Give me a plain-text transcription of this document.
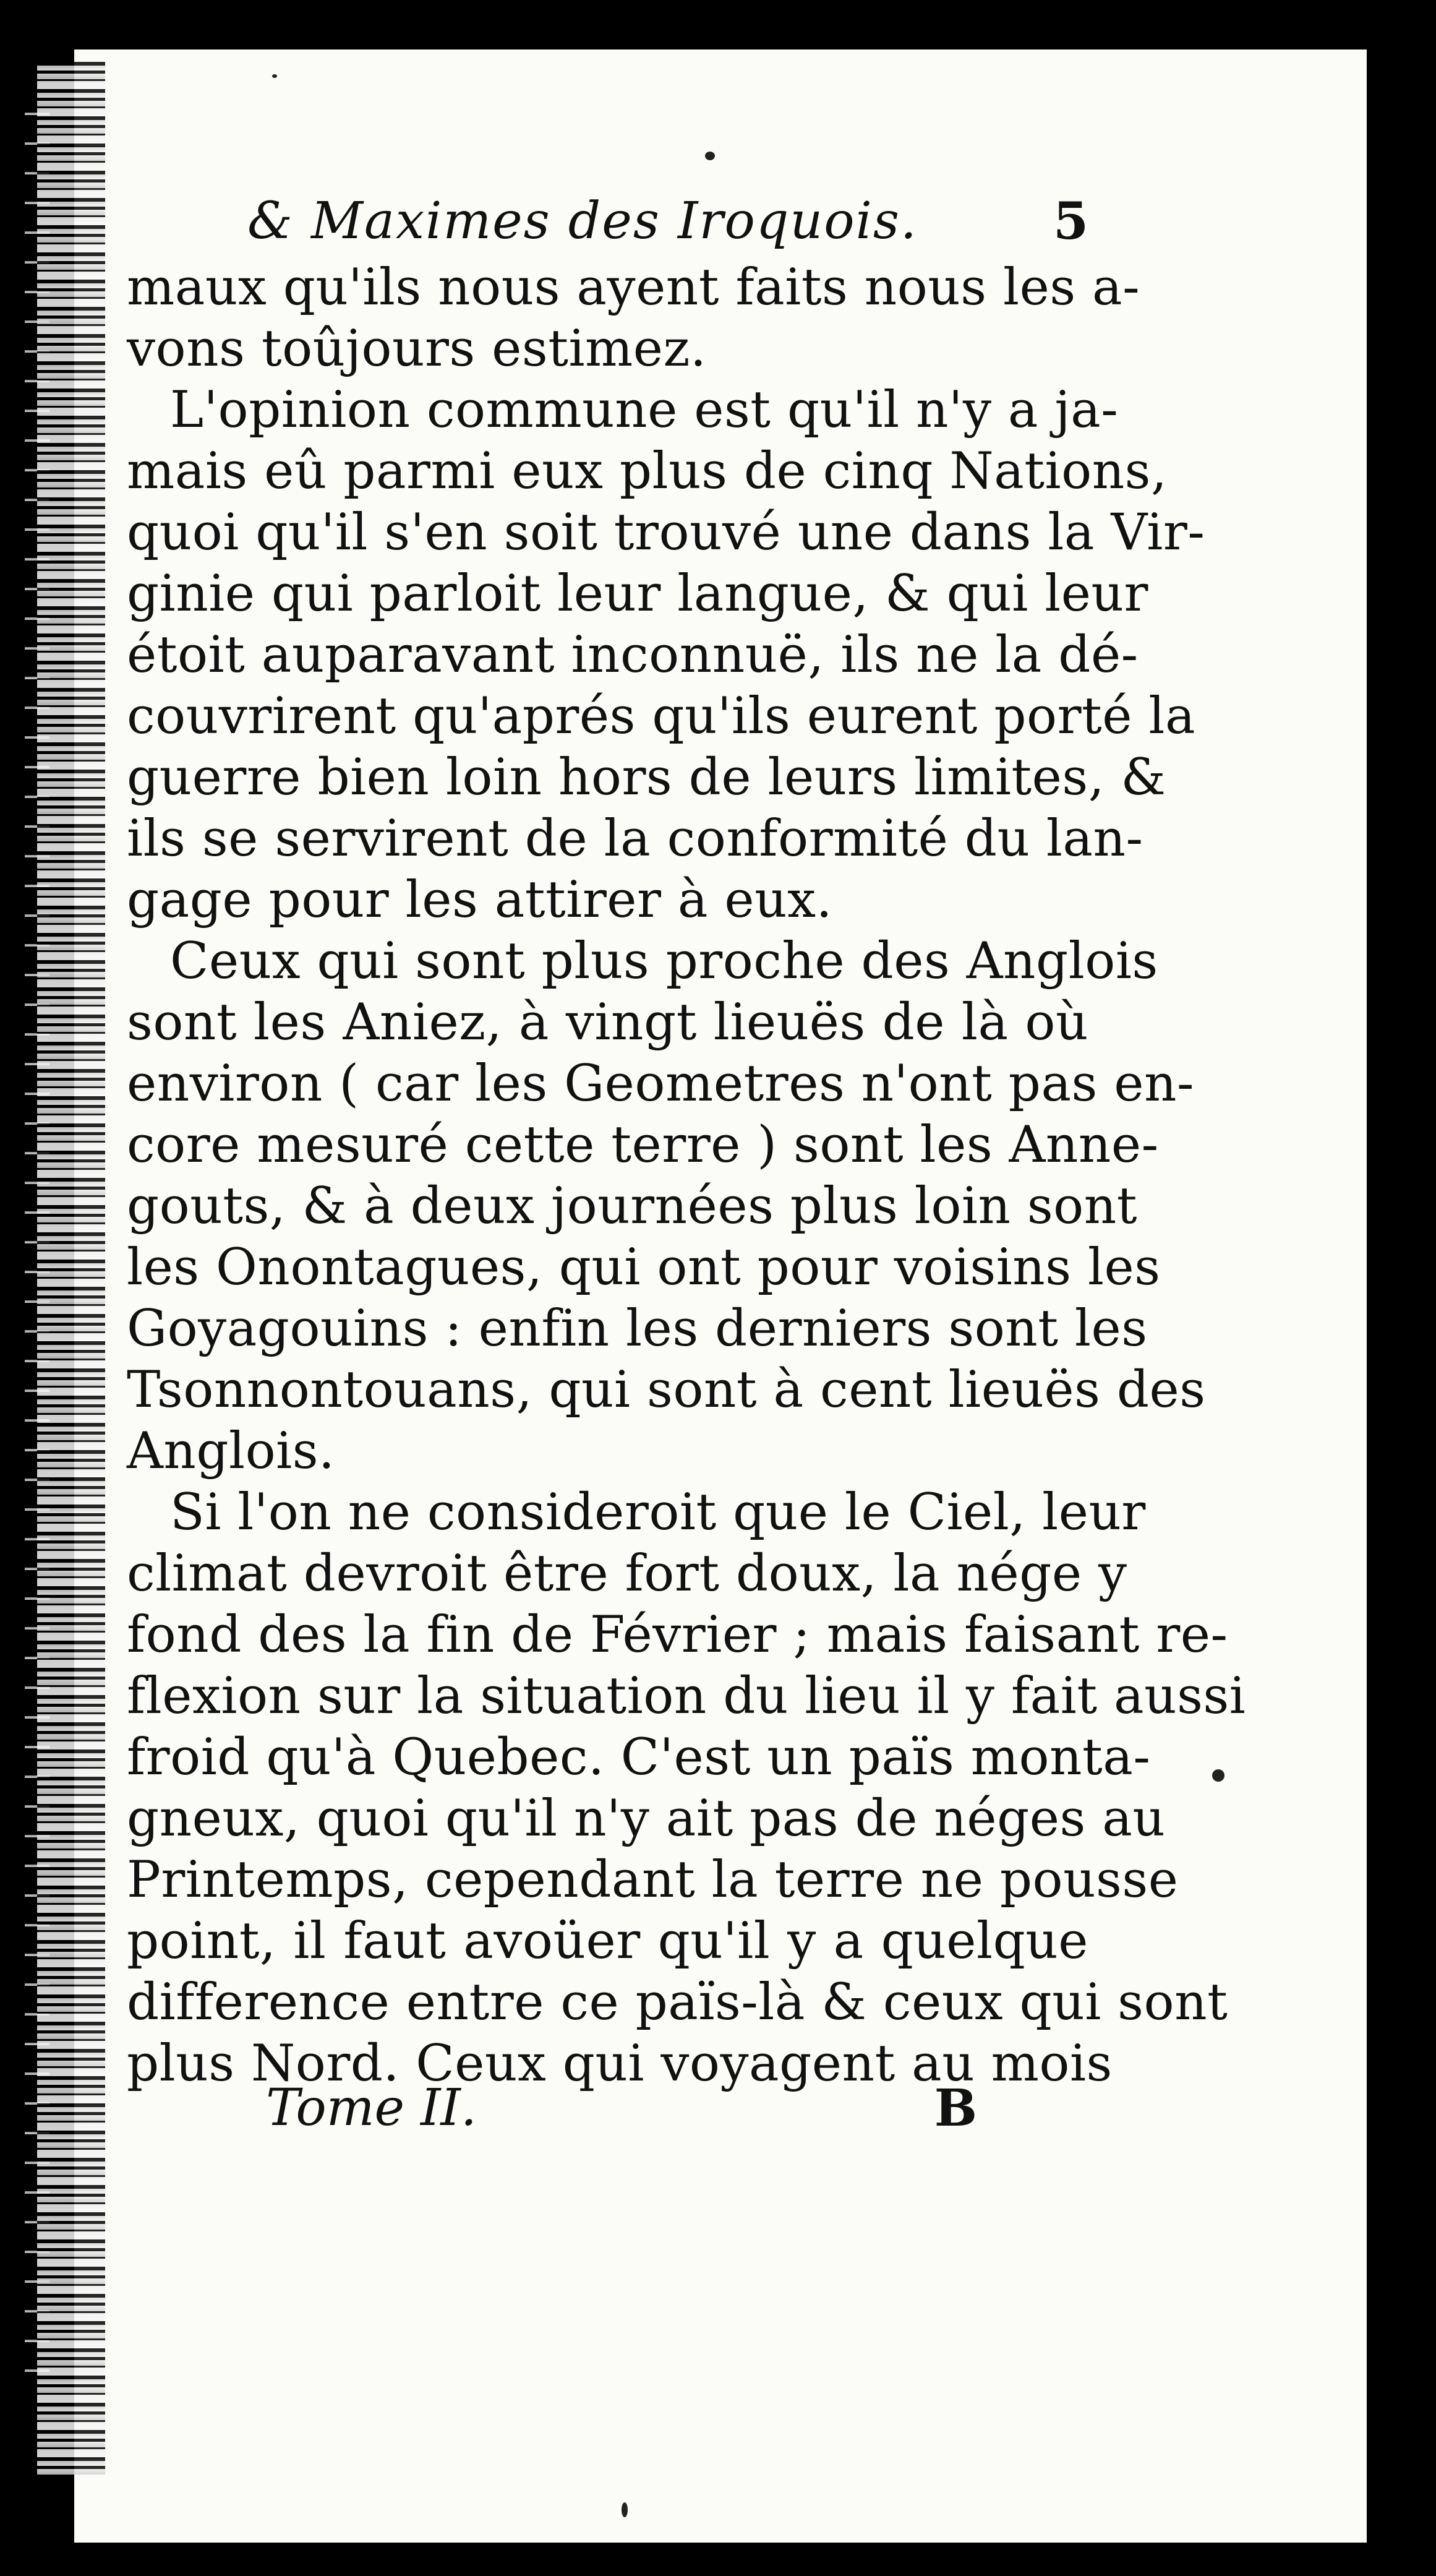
& Maximes des Iroquois.	5
maux qu'ils nous ayent faits nous les a-
vons toûjours estimez.
L'opinion commune est qu'il n'y a ja-
mais eû parmi eux plus de cinq Nations,
quoi qu'il s'en soit trouvé une dans la Vir-
ginie qui parloit leur langue, & qui leur
étoit auparavant inconnuë, ils ne la dé-
couvrirent qu'aprés qu'ils eurent porté la
guerre bien loin hors de leurs limites, &
ils se servirent de la conformité du lan-
gage pour les attirer à eux.
Ceux qui sont plus proche des Anglois
sont les Aniez, à vingt lieuës de là où
environ ( car les Geometres n'ont pas en-
core mesuré cette terre ) sont les Anne-
gouts, & à deux journées plus loin sont
les Onontagues, qui ont pour voisins les
Goyagouins : enfin les derniers sont les
Tsonnontouans, qui sont à cent lieuës des
Anglois.
Si l'on ne consideroit que le Ciel, leur
climat devroit être fort doux, la nége y
fond des la fin de Février ; mais faisant re-
flexion sur la situation du lieu il y fait aussi
froid qu'à Quebec. C'est un païs monta-
gneux, quoi qu'il n'y ait pas de néges au
Printemps, cependant la terre ne pousse
point, il faut avoüer qu'il y a quelque
difference entre ce païs-là & ceux qui sont
plus Nord. Ceux qui voyagent au mois
Tome II.	B
